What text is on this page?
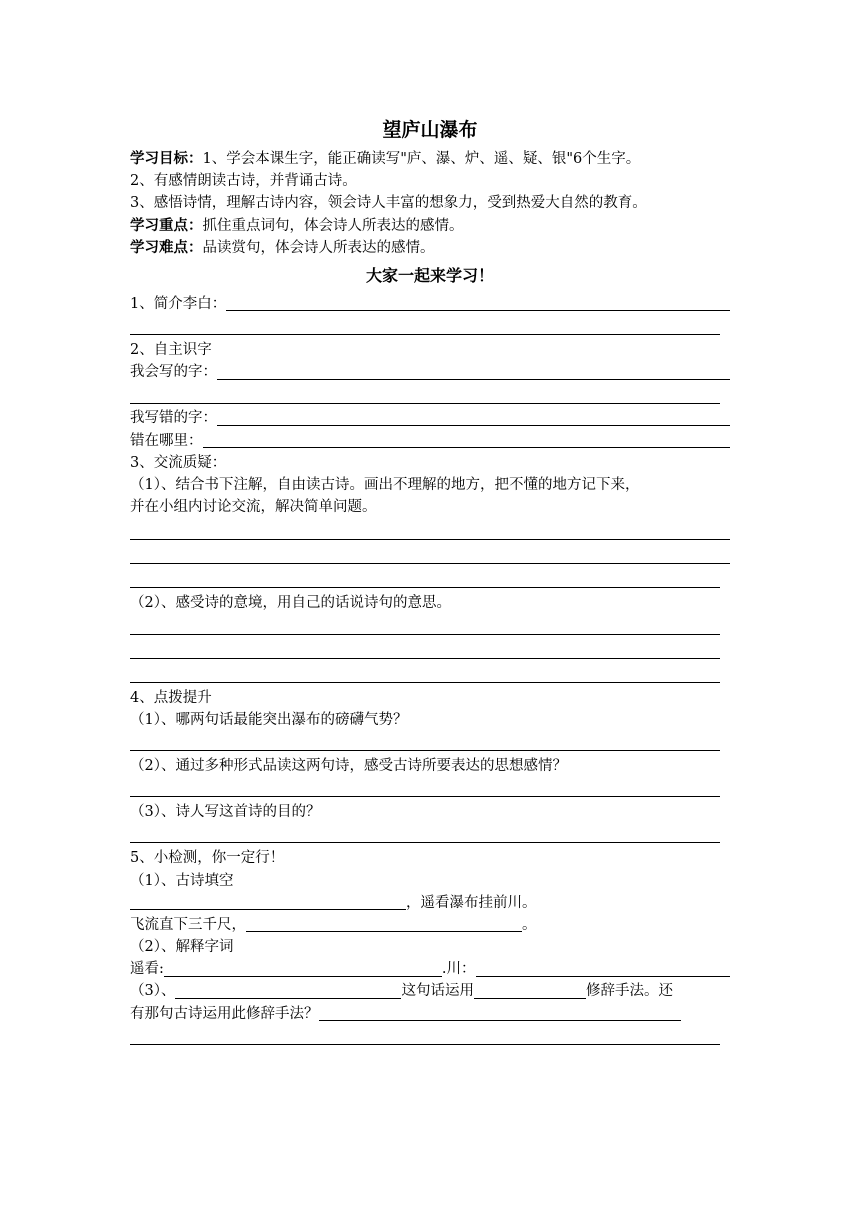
望庐山瀑布
学习目标： 1、学会本课生字，能正确读写"庐、瀑、炉、遥、疑、银"6个生字。
2、有感情朗读古诗，并背诵古诗。
3、感悟诗情，理解古诗内容，领会诗人丰富的想象力，受到热爱大自然的教育。
学习重点： 抓住重点词句，体会诗人所表达的感情。
学习难点： 品读赏句，体会诗人所表达的感情。
大家一起来学习！
1、简介李白：
2、自主识字
我会写的字：
我写错的字：
错在哪里：
3、交流质疑：
（1）、结合书下注解，自由读古诗。画出不理解的地方，把不懂的地方记下来，
并在小组内讨论交流，解决简单问题。
（2）、感受诗的意境，用自己的话说诗句的意思。
4、点拨提升
（1）、哪两句话最能突出瀑布的磅礴气势？
（2）、通过多种形式品读这两句诗，感受古诗所要表达的思想感情？
（3）、诗人写这首诗的目的？
5、小检测，你一定行！
（1）、古诗填空
，遥看瀑布挂前川。
飞流直下三千尺，	。
（2）、解释字词
遥看:	.川：
（3）、	这句话运用	修辞手法。还
有那句古诗运用此修辞手法？
